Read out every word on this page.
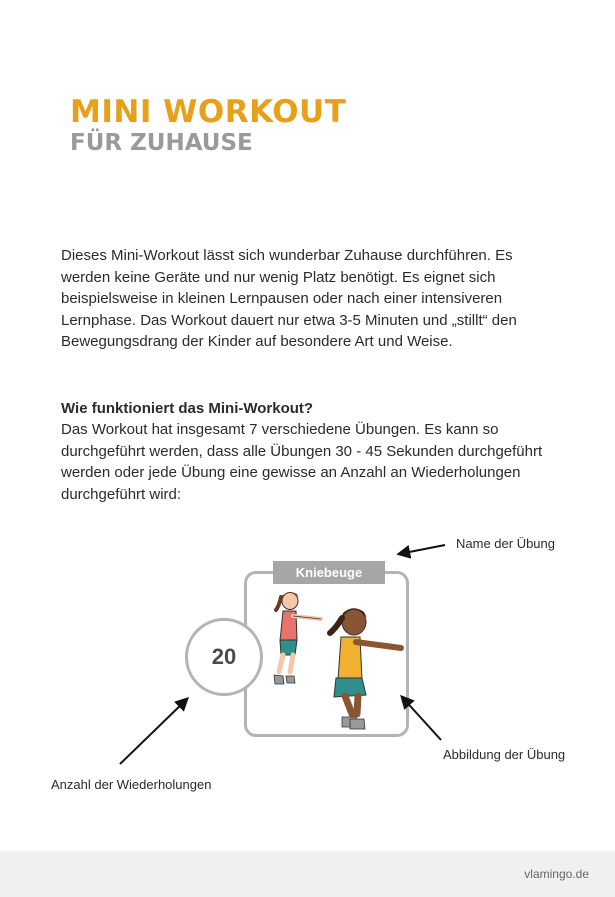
MINI WORKOUT
FÜR ZUHAUSE

Dieses Mini-Workout lässt sich wunderbar Zuhause durchführen. Es werden keine Geräte und nur wenig Platz benötigt. Es eignet sich beispielsweise in kleinen Lernpausen oder nach einer intensiveren Lernphase. Das Workout dauert nur etwa 3-5 Minuten und „stillt“ den Bewegungsdrang der Kinder auf besondere Art und Weise.

Wie funktioniert das Mini-Workout?

Das Workout hat insgesamt 7 verschiedene Übungen. Es kann so durchgeführt werden, dass alle Übungen 30 - 45 Sekunden durchgeführt werden oder jede Übung eine gewisse an Anzahl an Wiederholungen durchgeführt wird:

Kniebeuge
20
Name der Übung
Abbildung der Übung
Anzahl der Wiederholungen
vlamingo.de
